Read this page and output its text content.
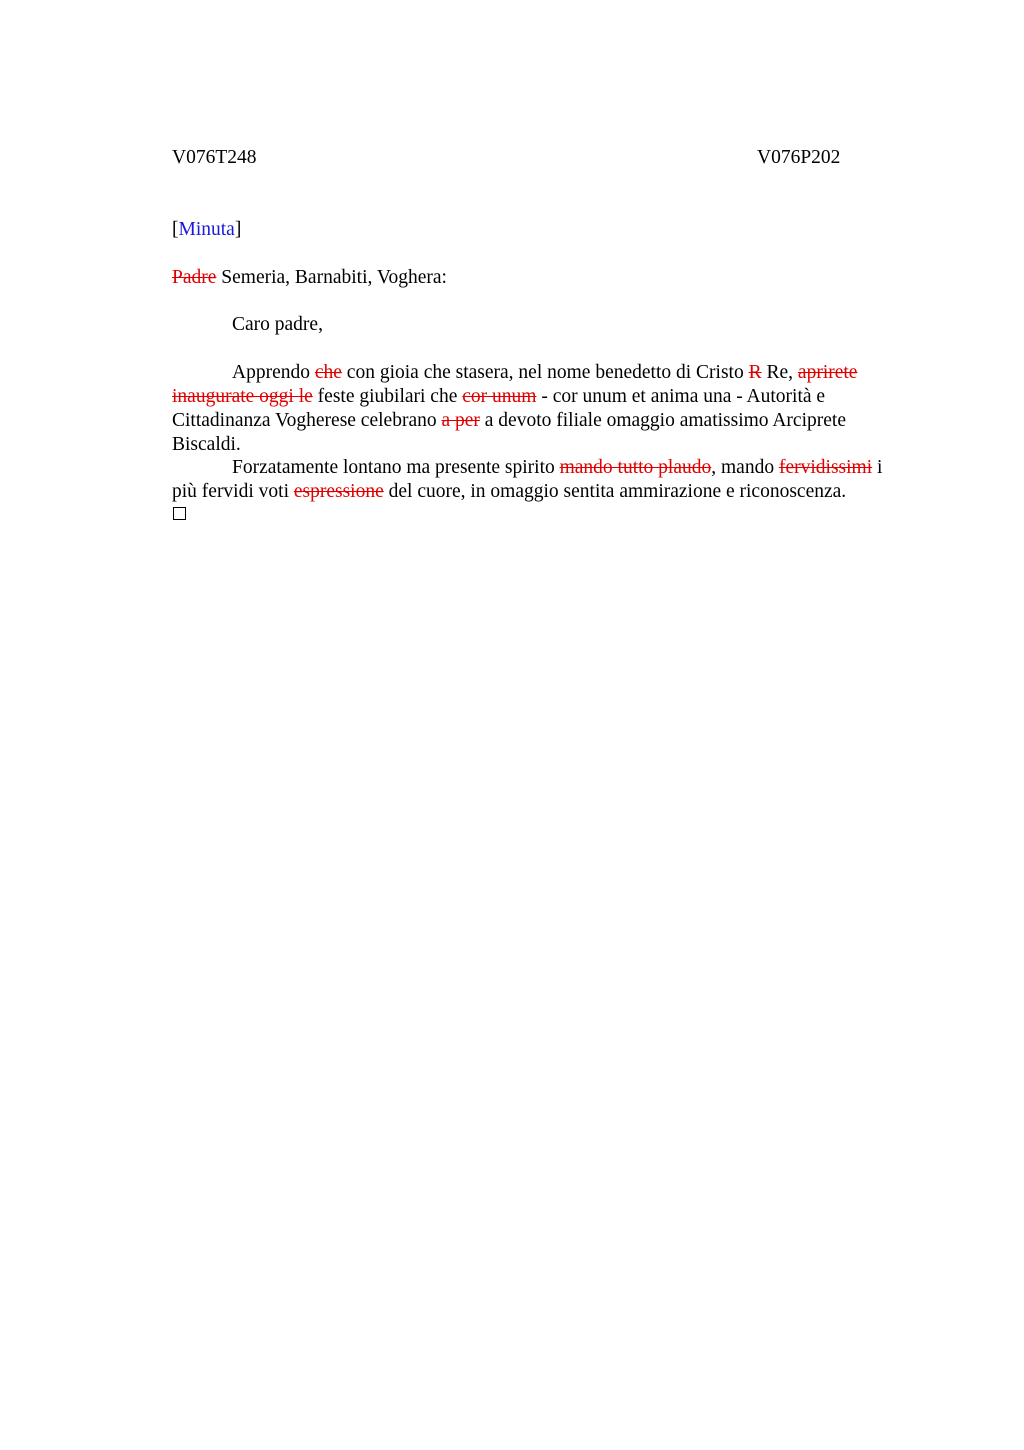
V076T248	V076P202
[Minuta]
Padre Semeria, Barnabiti, Voghera:
Caro padre,
Apprendo che con gioia che stasera, nel nome benedetto di Cristo R Re, aprirete
inaugurate oggi le feste giubilari che cor unum - cor unum et anima una - Autorità e
Cittadinanza Vogherese celebrano a per a devoto filiale omaggio amatissimo Arciprete
Biscaldi.
Forzatamente lontano ma presente spirito mando tutto plaudo, mando fervidissimi i
più fervidi voti espressione del cuore, in omaggio sentita ammirazione e riconoscenza.
